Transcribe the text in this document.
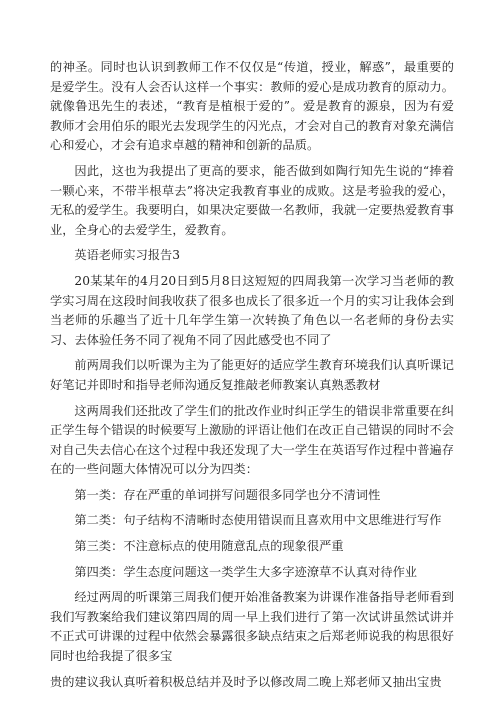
的神圣。同时也认识到教师工作不仅仅是“传道，授业，解惑”，最重要的是爱学生。没有人会否认这样一个事实：教师的爱心是成功教育的原动力。就像鲁迅先生的表述，“教育是植根于爱的”。爱是教育的源泉，因为有爱教师才会用伯乐的眼光去发现学生的闪光点，才会对自己的教育对象充满信心和爱心，才会有追求卓越的精神和创新的品质。

因此，这也为我提出了更高的要求，能否做到如陶行知先生说的“捧着一颗心来，不带半根草去”将决定我教育事业的成败。这是考验我的爱心，无私的爱学生。我要明白，如果决定要做一名教师，我就一定要热爱教育事业，全身心的去爱学生，爱教育。

英语老师实习报告3

20某某年的4月20日到5月8日这短短的四周我第一次学习当老师的教学实习周在这段时间我收获了很多也成长了很多近一个月的实习让我体会到当老师的乐趣当了近十几年学生第一次转换了角色以一名老师的身份去实习、去体验任务不同了视角不同了因此感受也不同了

前两周我们以听课为主为了能更好的适应学生教育环境我们认真听课记好笔记并即时和指导老师沟通反复推敲老师教案认真熟悉教材

这两周我们还批改了学生们的批改作业时纠正学生的错误非常重要在纠正学生每个错误的时候要写上激励的评语让他们在改正自己错误的同时不会对自己失去信心在这个过程中我还发现了大一学生在英语写作过程中普遍存在的一些问题大体情况可以分为四类：

第一类：存在严重的单词拼写问题很多同学也分不清词性

第二类：句子结构不清晰时态使用错误而且喜欢用中文思维进行写作

第三类：不注意标点的使用随意乱点的现象很严重

第四类：学生态度问题这一类学生大多字迹潦草不认真对待作业

经过两周的听课第三周我们便开始准备教案为讲课作准备指导老师看到我们写教案给我们建议第四周的周一早上我们进行了第一次试讲虽然试讲并不正式可讲课的过程中依然会暴露很多缺点结束之后郑老师说我的构思很好同时也给我提了很多宝

贵的建议我认真听着积极总结并及时予以修改周二晚上郑老师又抽出宝贵
